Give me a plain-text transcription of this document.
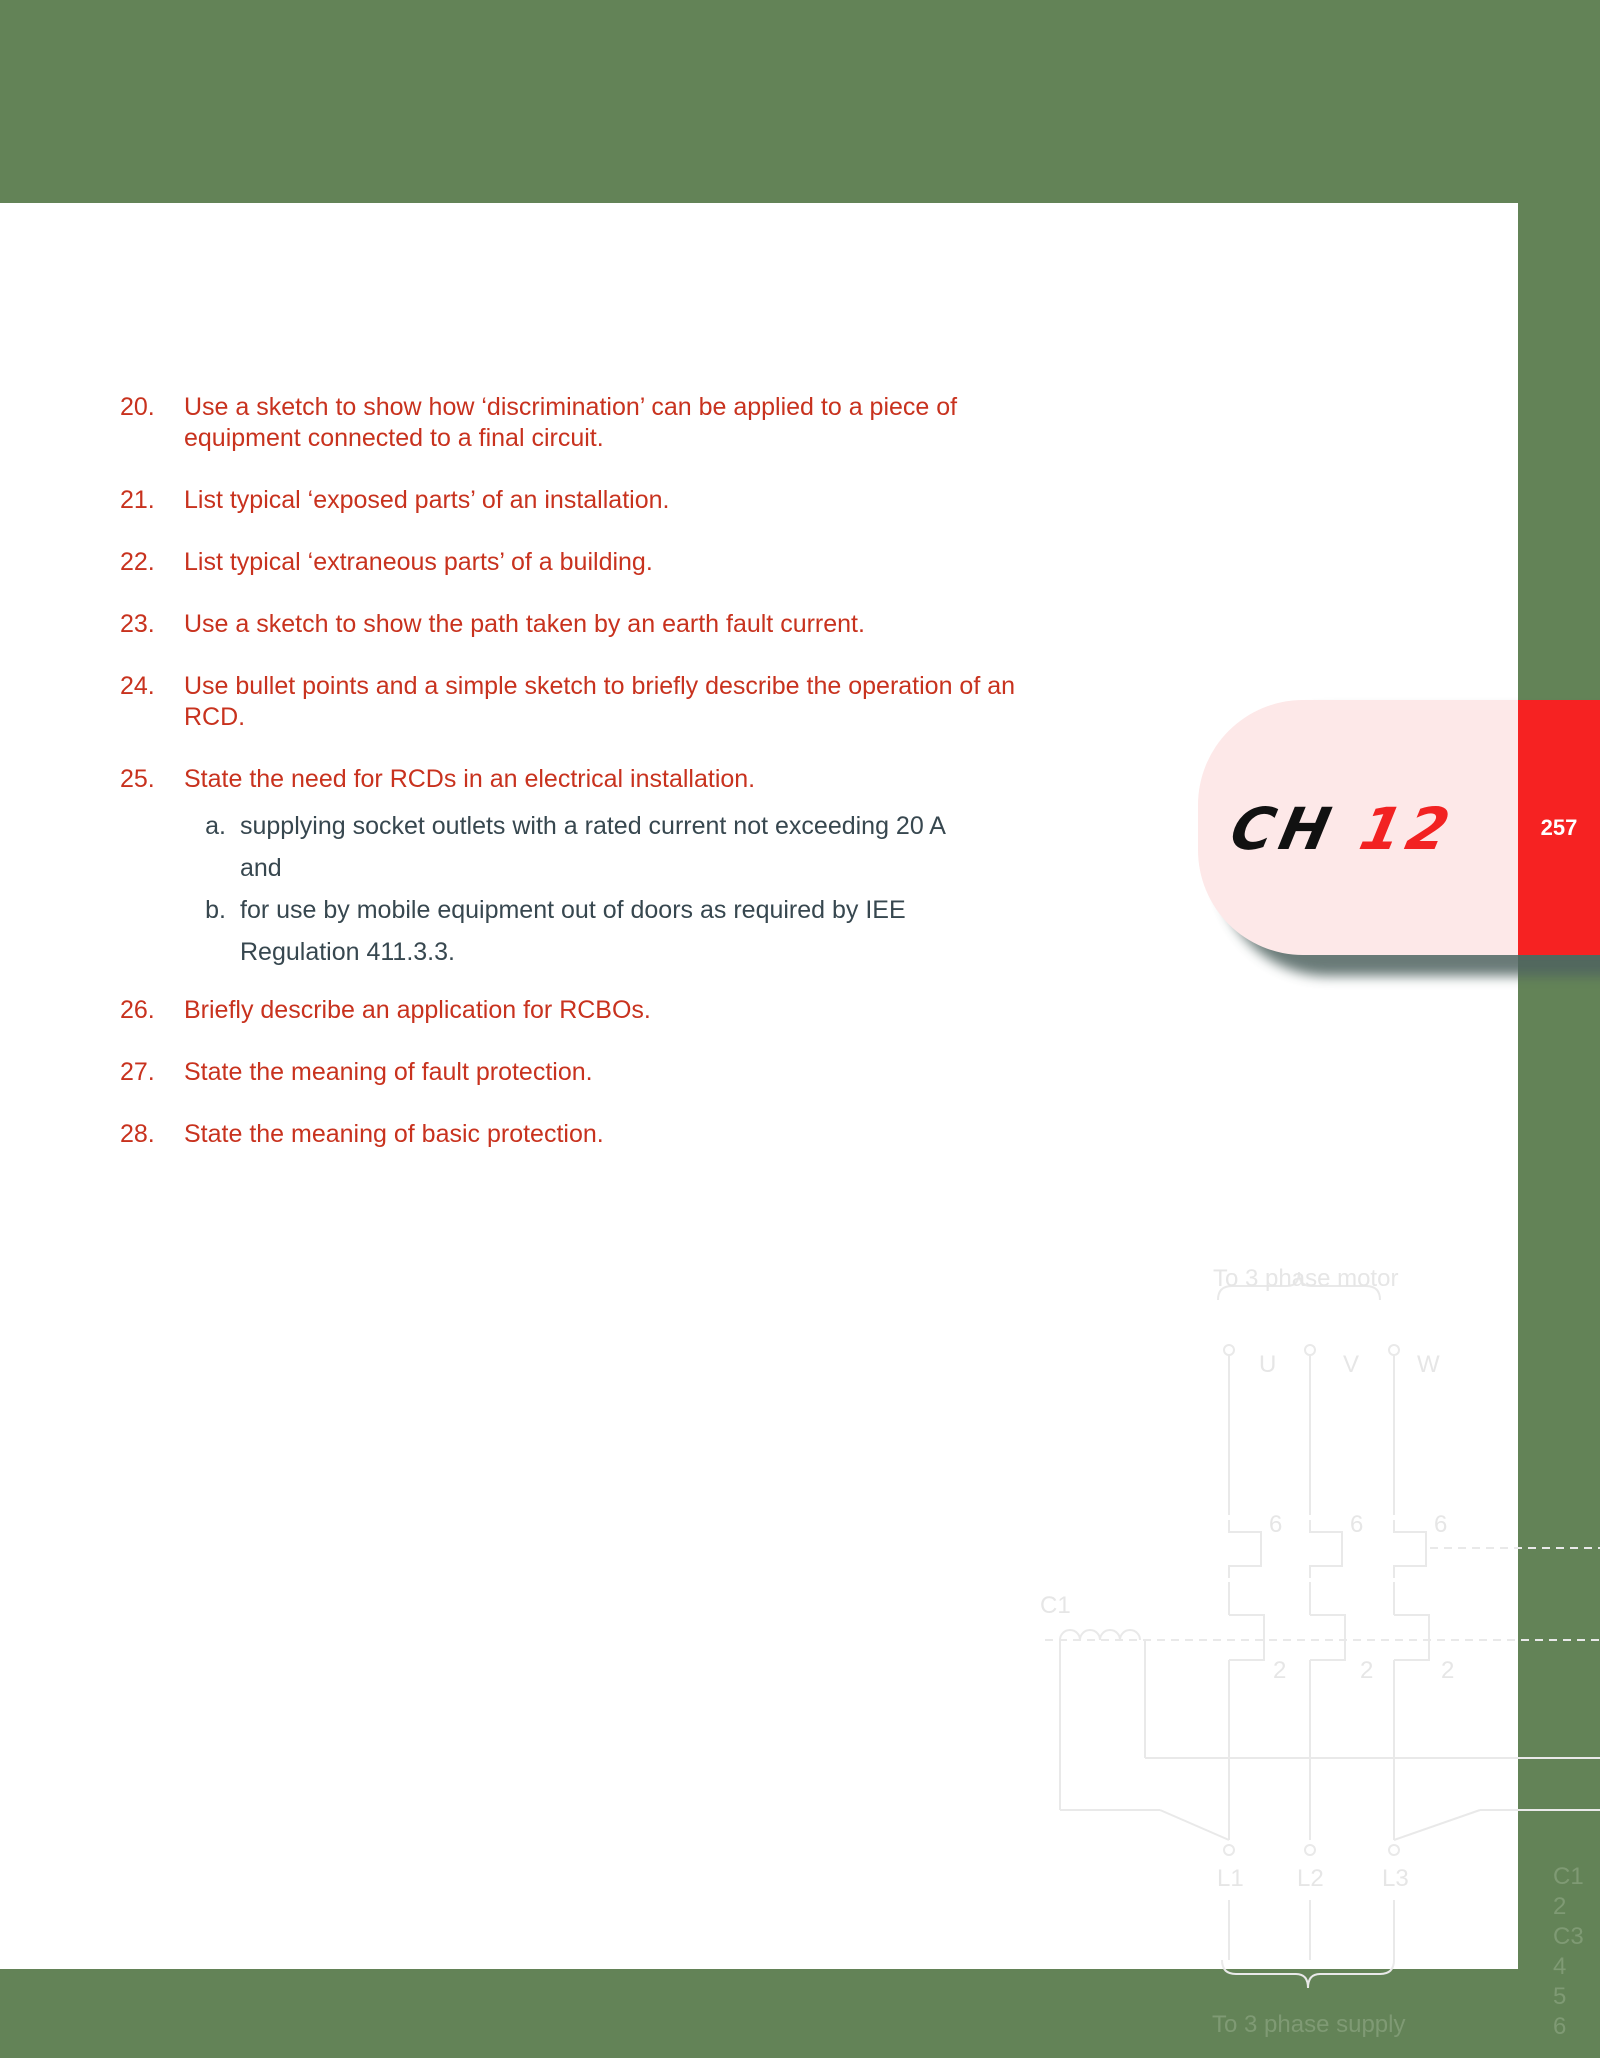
20.	Use a sketch to show how ‘discrimination’ can be applied to a piece of equipment connected to a final circuit.
21.	List typical ‘exposed parts’ of an installation.
22.	List typical ‘extraneous parts’ of a building.
23.	Use a sketch to show the path taken by an earth fault current.
24.	Use bullet points and a simple sketch to briefly describe the operation of an RCD.
25.	State the need for RCDs in an electrical installation.
a. supplying socket outlets with a rated current not exceeding 20 A and
b. for use by mobile equipment out of doors as required by IEE Regulation 411.3.3.
26.	Briefly describe an application for RCBOs.
27.	State the meaning of fault protection.
28.	State the meaning of basic protection.
CH 12	257
To 3 phase motor
U	V W
6	6	6
C1
2	2	2
L1 L2 L3
To 3 phase supply
C1
2
C3
4
5
6
